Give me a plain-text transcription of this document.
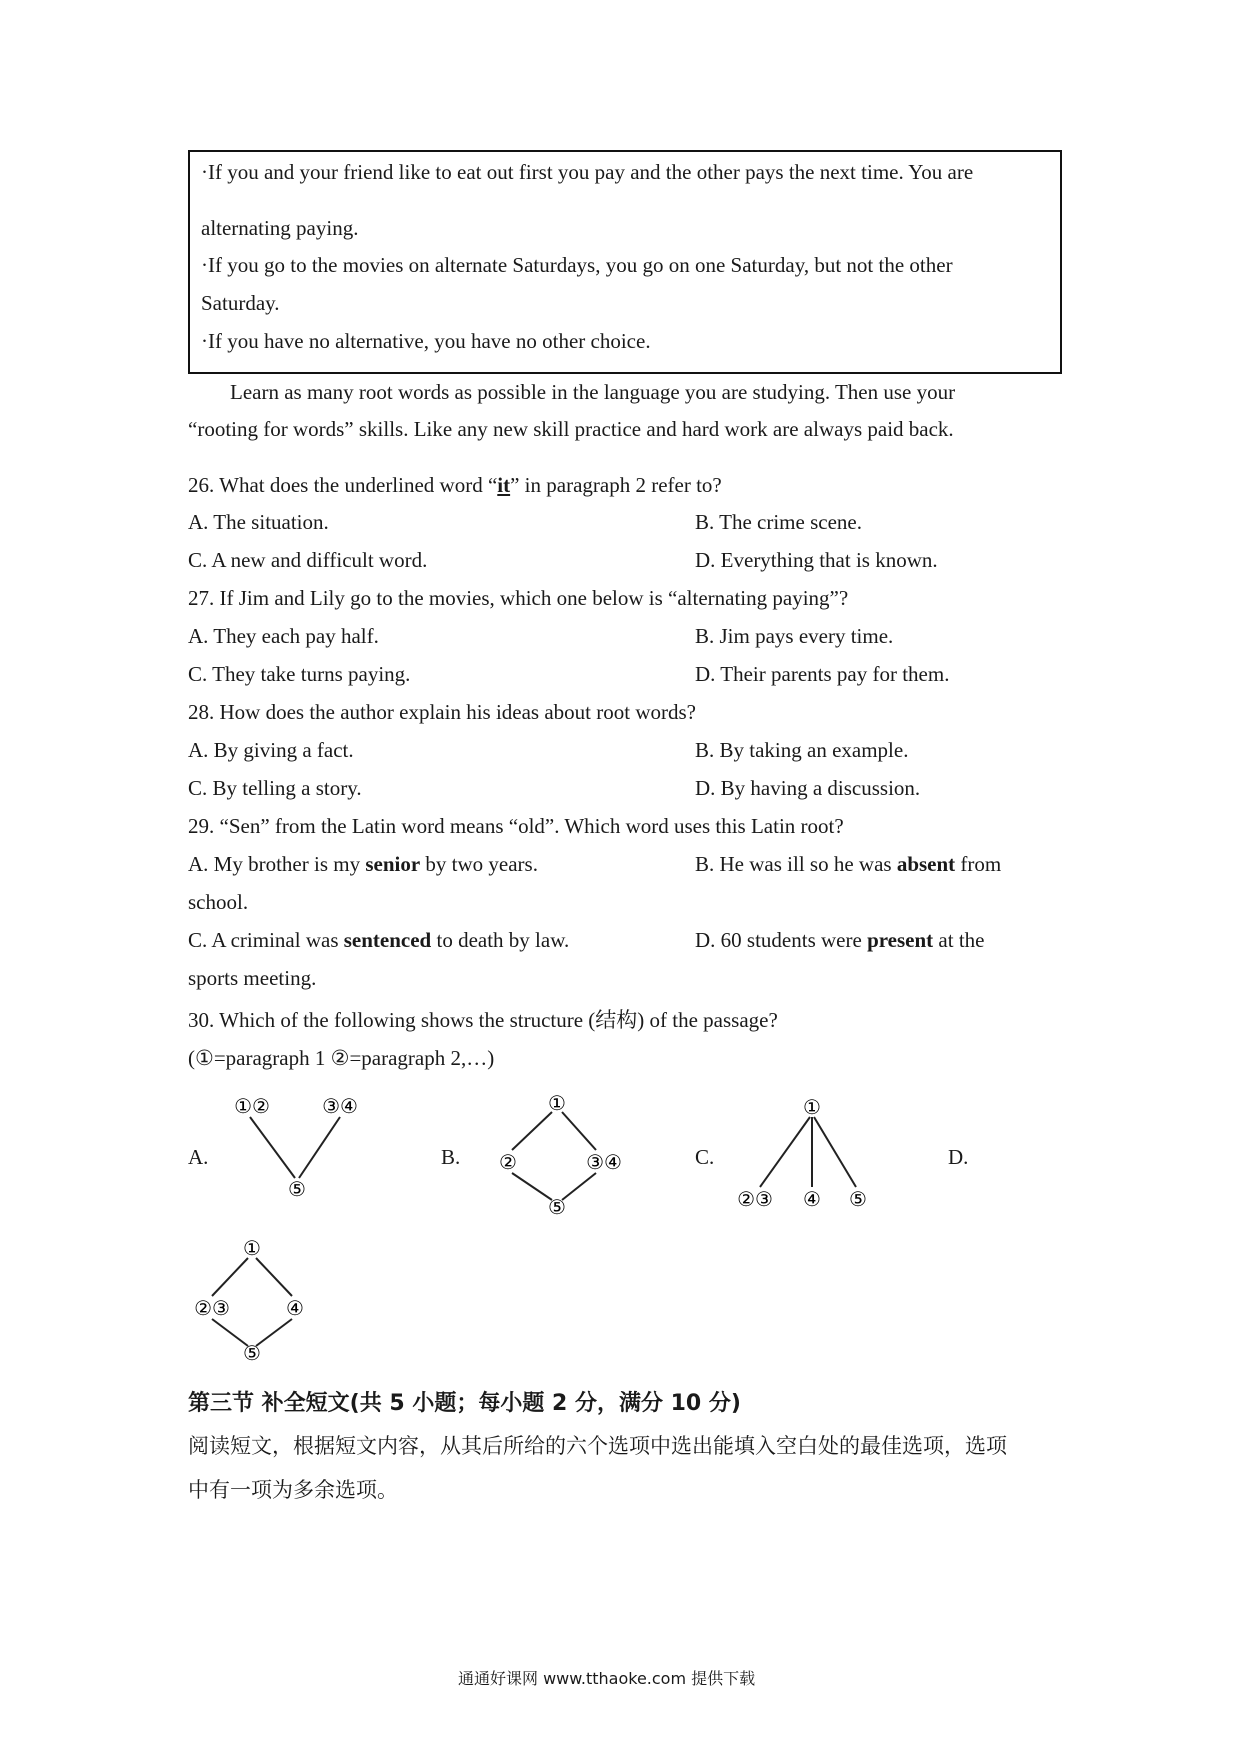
·If you and your friend like to eat out first you pay and the other pays the next time. You are
alternating paying.
·If you go to the movies on alternate Saturdays, you go on one Saturday, but not the other
Saturday.
·If you have no alternative, you have no other choice.
Learn as many root words as possible in the language you are studying. Then use your
“rooting for words” skills. Like any new skill practice and hard work are always paid back.
26. What does the underlined word “it” in paragraph 2 refer to?
A. The situation.	B. The crime scene.
C. A new and difficult word.	D. Everything that is known.
27. If Jim and Lily go to the movies, which one below is “alternating paying”?
A. They each pay half.	B. Jim pays every time.
C. They take turns paying.	D. Their parents pay for them.
28. How does the author explain his ideas about root words?
A. By giving a fact.	B. By taking an example.
C. By telling a story.	D. By having a discussion.
29. “Sen” from the Latin word means “old”. Which word uses this Latin root?
A. My brother is my senior by two years.	B. He was ill so he was absent from
school.
C. A criminal was sentenced to death by law.	D. 60 students were present at the
sports meeting.
30. Which of the following shows the structure (结构) of the passage?
(①=paragraph 1 ②=paragraph 2,…)
A.	B.	C.	D.
①②	③④
⑤
①
②	③④
⑤
①
②③ ④ ⑤
①
②③	④
⑤
第三节 补全短文(共 5 小题；每小题 2 分，满分 10 分)
阅读短文，根据短文内容，从其后所给的六个选项中选出能填入空白处的最佳选项，选项
中有一项为多余选项。
通通好课网 www.tthaoke.com 提供下载
